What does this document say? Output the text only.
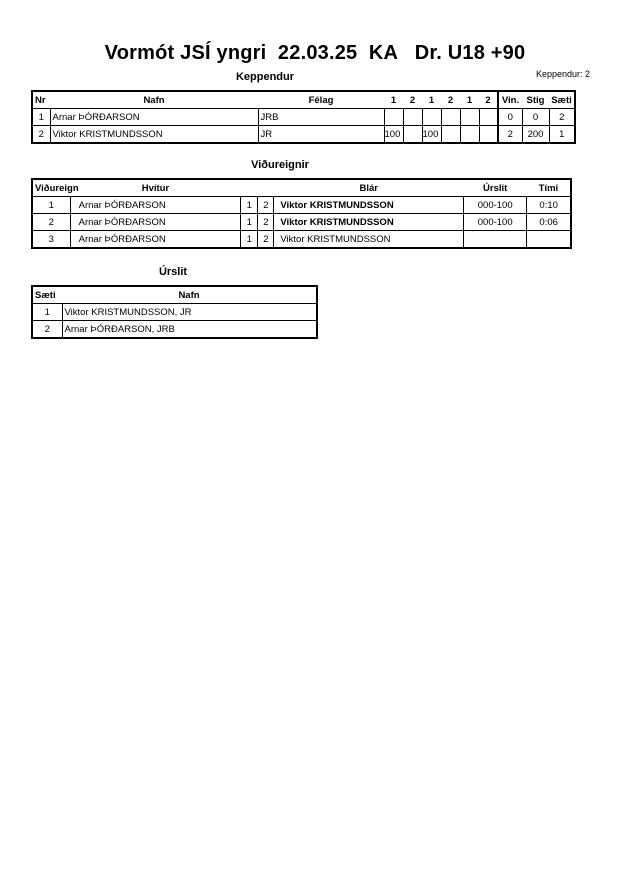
Vormót JSÍ yngri  22.03.25  KA   Dr. U18 +90
Keppendur: 2
Keppendur
Nr	Nafn	Félag	1	2	1	2	1	2	Vin.	Stig	Sæti
1	Arnar ÞÓRÐARSON	JRB							0	0	2
2	Viktor KRISTMUNDSSON	JR	100		100				2	200	1
Viðureignir
Viðureign	Hvítur			Blár	Úrslit	Tími
1	Arnar ÞÓRÐARSON	1	2	Viktor KRISTMUNDSSON	000-100	0:10
2	Arnar ÞÓRÐARSON	1	2	Viktor KRISTMUNDSSON	000-100	0:06
3	Arnar ÞÓRÐARSON	1	2	Viktor KRISTMUNDSSON		
Úrslit
Sæti	Nafn
1	Viktor KRISTMUNDSSON, JR
2	Arnar ÞÓRÐARSON, JRB
